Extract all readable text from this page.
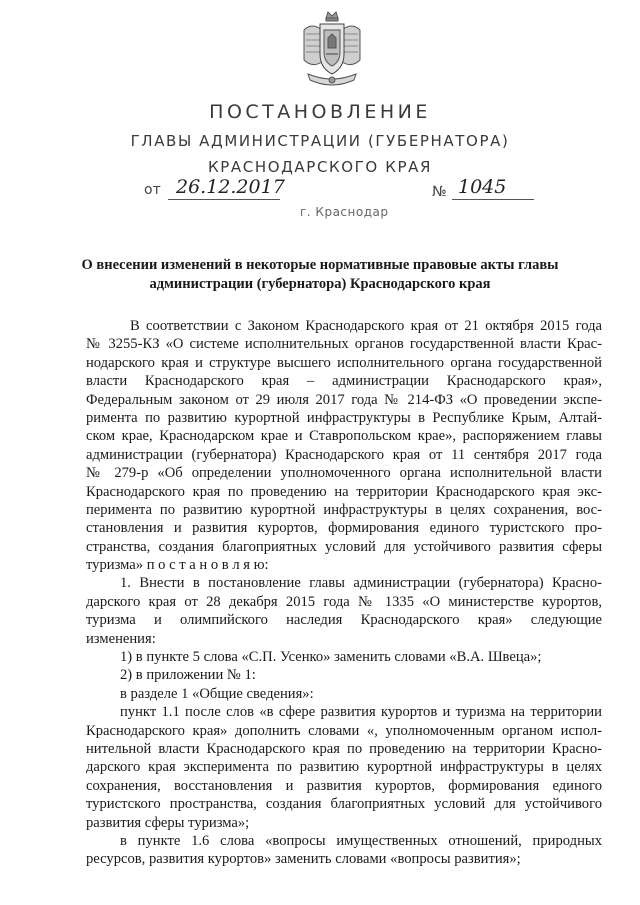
ПОСТАНОВЛЕНИЕ
ГЛАВЫ АДМИНИСТРАЦИИ (ГУБЕРНАТОРА)
КРАСНОДАРСКОГО КРАЯ
от 26.12.2017	№ 1045
г. Краснодар
О внесении изменений в некоторые нормативные правовые акты главы администрации (губернатора) Краснодарского края
В соответствии с Законом Краснодарского края от 21 октября 2015 года
№ 3255-КЗ «О системе исполнительных органов государственной власти Крас-
нодарского края и структуре высшего исполнительного органа государственной
власти Краснодарского края – администрации Краснодарского края»,
Федеральным законом от 29 июля 2017 года № 214-ФЗ «О проведении экспе-
римента по развитию курортной инфраструктуры в Республике Крым, Алтай-
ском крае, Краснодарском крае и Ставропольском крае», распоряжением главы
администрации (губернатора) Краснодарского края от 11 сентября 2017 года
№ 279-р «Об определении уполномоченного органа исполнительной власти
Краснодарского края по проведению на территории Краснодарского края экс-
перимента по развитию курортной инфраструктуры в целях сохранения, вос-
становления и развития курортов, формирования единого туристского про-
странства, создания благоприятных условий для устойчивого развития сферы
туризма» п о с т а н о в л я ю:
1. Внести в постановление главы администрации (губернатора) Красно-
дарского края от 28 декабря 2015 года № 1335 «О министерстве курортов,
туризма и олимпийского наследия Краснодарского края» следующие
изменения:
1) в пункте 5 слова «С.П. Усенко» заменить словами «В.А. Швеца»;
2) в приложении № 1:
в разделе 1 «Общие сведения»:
пункт 1.1 после слов «в сфере развития курортов и туризма на территории
Краснодарского края» дополнить словами «, уполномоченным органом испол-
нительной власти Краснодарского края по проведению на территории Красно-
дарского края эксперимента по развитию курортной инфраструктуры в целях
сохранения, восстановления и развития курортов, формирования единого
туристского пространства, создания благоприятных условий для устойчивого
развития сферы туризма»;
в пункте 1.6 слова «вопросы имущественных отношений, природных
ресурсов, развития курортов» заменить словами «вопросы развития»;
